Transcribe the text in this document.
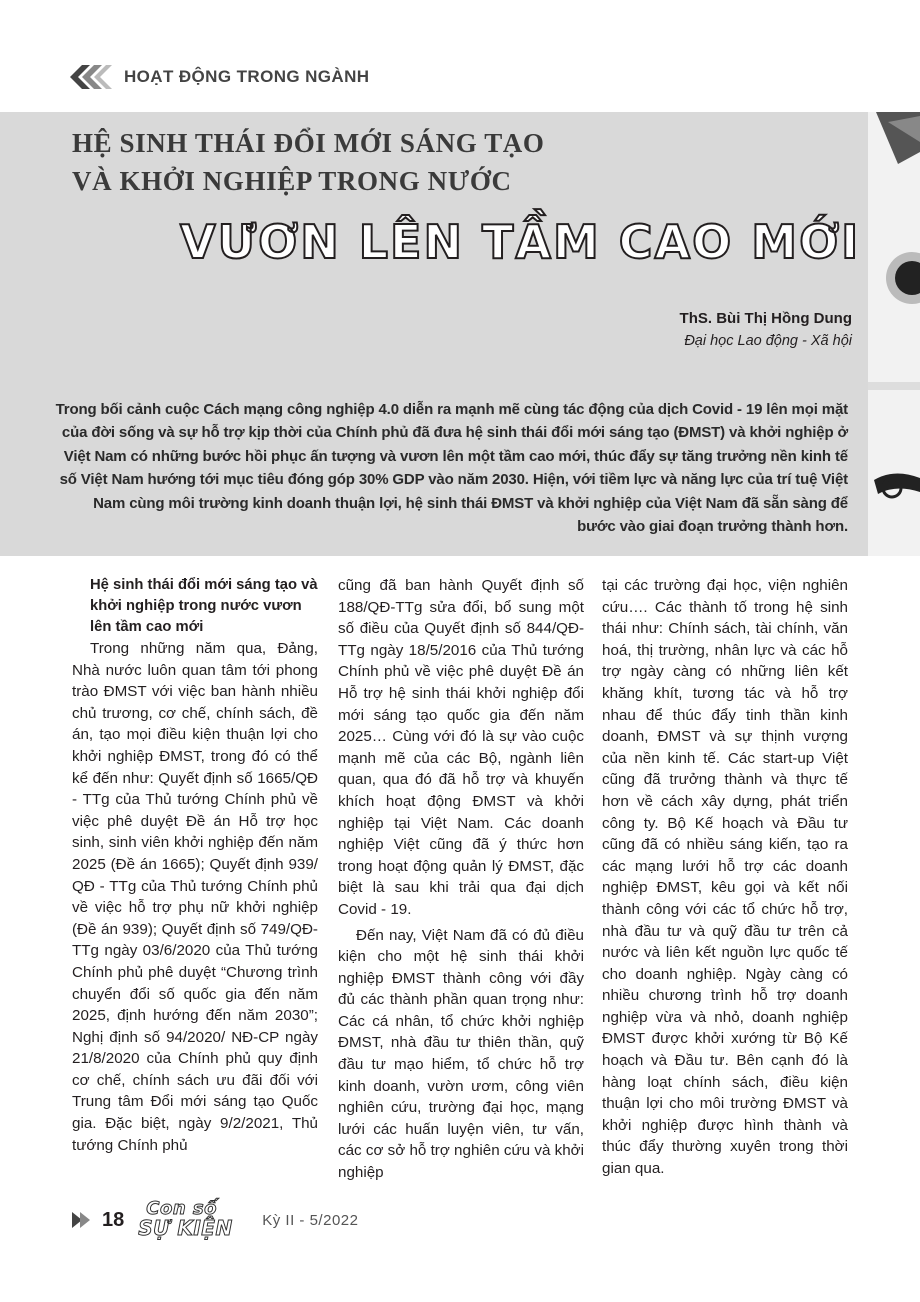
HOẠT ĐỘNG TRONG NGÀNH
HỆ SINH THÁI ĐỔI MỚI SÁNG TẠO
VÀ KHỞI NGHIỆP TRONG NƯỚC
VƯƠN LÊN TẦM CAO MỚI
ThS. Bùi Thị Hồng Dung
Đại học Lao động - Xã hội
Trong bối cảnh cuộc Cách mạng công nghiệp 4.0 diễn ra mạnh mẽ cùng tác động của dịch Covid - 19 lên mọi mặt của đời sống và sự hỗ trợ kịp thời của Chính phủ đã đưa hệ sinh thái đổi mới sáng tạo (ĐMST) và khởi nghiệp ở Việt Nam có những bước hồi phục ấn tượng và vươn lên một tầm cao mới, thúc đẩy sự tăng trưởng nền kinh tế số Việt Nam hướng tới mục tiêu đóng góp 30% GDP vào năm 2030. Hiện, với tiềm lực và năng lực của trí tuệ Việt Nam cùng môi trường kinh doanh thuận lợi, hệ sinh thái ĐMST và khởi nghiệp của Việt Nam đã sẵn sàng để bước vào giai đoạn trưởng thành hơn.
Hệ sinh thái đổi mới sáng tạo và khởi nghiệp trong nước vươn lên tầm cao mới

Trong những năm qua, Đảng, Nhà nước luôn quan tâm tới phong trào ĐMST với việc ban hành nhiều chủ trương, cơ chế, chính sách, đề án, tạo mọi điều kiện thuận lợi cho khởi nghiệp ĐMST, trong đó có thể kể đến như: Quyết định số 1665/QĐ - TTg của Thủ tướng Chính phủ về việc phê duyệt Đề án Hỗ trợ học sinh, sinh viên khởi nghiệp đến năm 2025 (Đề án 1665); Quyết định 939/ QĐ - TTg của Thủ tướng Chính phủ về việc hỗ trợ phụ nữ khởi nghiệp (Đề án 939); Quyết định số 749/QĐ-TTg ngày 03/6/2020 của Thủ tướng Chính phủ phê duyệt “Chương trình chuyển đổi số quốc gia đến năm 2025, định hướng đến năm 2030”; Nghị định số 94/2020/ NĐ-CP ngày 21/8/2020 của Chính phủ quy định cơ chế, chính sách ưu đãi đối với Trung tâm Đổi mới sáng tạo Quốc gia. Đặc biệt, ngày 9/2/2021, Thủ tướng Chính phủ

cũng đã ban hành Quyết định số 188/QĐ-TTg sửa đổi, bổ sung một số điều của Quyết định số 844/QĐ-TTg ngày 18/5/2016 của Thủ tướng Chính phủ về việc phê duyệt Đề án Hỗ trợ hệ sinh thái khởi nghiệp đổi mới sáng tạo quốc gia đến năm 2025… Cùng với đó là sự vào cuộc mạnh mẽ của các Bộ, ngành liên quan, qua đó đã hỗ trợ và khuyến khích hoạt động ĐMST và khởi nghiệp tại Việt Nam. Các doanh nghiệp Việt cũng đã ý thức hơn trong hoạt động quản lý ĐMST, đặc biệt là sau khi trải qua đại dịch Covid - 19.

Đến nay, Việt Nam đã có đủ điều kiện cho một hệ sinh thái khởi nghiệp ĐMST thành công với đầy đủ các thành phần quan trọng như: Các cá nhân, tổ chức khởi nghiệp ĐMST, nhà đầu tư thiên thần, quỹ đầu tư mạo hiểm, tổ chức hỗ trợ kinh doanh, vườn ươm, công viên nghiên cứu, trường đại học, mạng lưới các huấn luyện viên, tư vấn, các cơ sở hỗ trợ nghiên cứu và khởi nghiệp

tại các trường đại học, viện nghiên cứu…. Các thành tố trong hệ sinh thái như: Chính sách, tài chính, văn hoá, thị trường, nhân lực và các hỗ trợ ngày càng có những liên kết khăng khít, tương tác và hỗ trợ nhau để thúc đẩy tinh thần kinh doanh, ĐMST và sự thịnh vượng của nền kinh tế. Các start-up Việt cũng đã trưởng thành và thực tế hơn về cách xây dựng, phát triển công ty. Bộ Kế hoạch và Đầu tư cũng đã có nhiều sáng kiến, tạo ra các mạng lưới hỗ trợ các doanh nghiệp ĐMST, kêu gọi và kết nối thành công với các tổ chức hỗ trợ, nhà đầu tư và quỹ đầu tư trên cả nước và liên kết nguồn lực quốc tế cho doanh nghiệp. Ngày càng có nhiều chương trình hỗ trợ doanh nghiệp vừa và nhỏ, doanh nghiệp ĐMST được khởi xướng từ Bộ Kế hoạch và Đầu tư. Bên cạnh đó là hàng loạt chính sách, điều kiện thuận lợi cho môi trường ĐMST và khởi nghiệp được hình thành và thúc đẩy thường xuyên trong thời gian qua.

18 Con số
SỰ KIỆN Kỳ II - 5/2022
